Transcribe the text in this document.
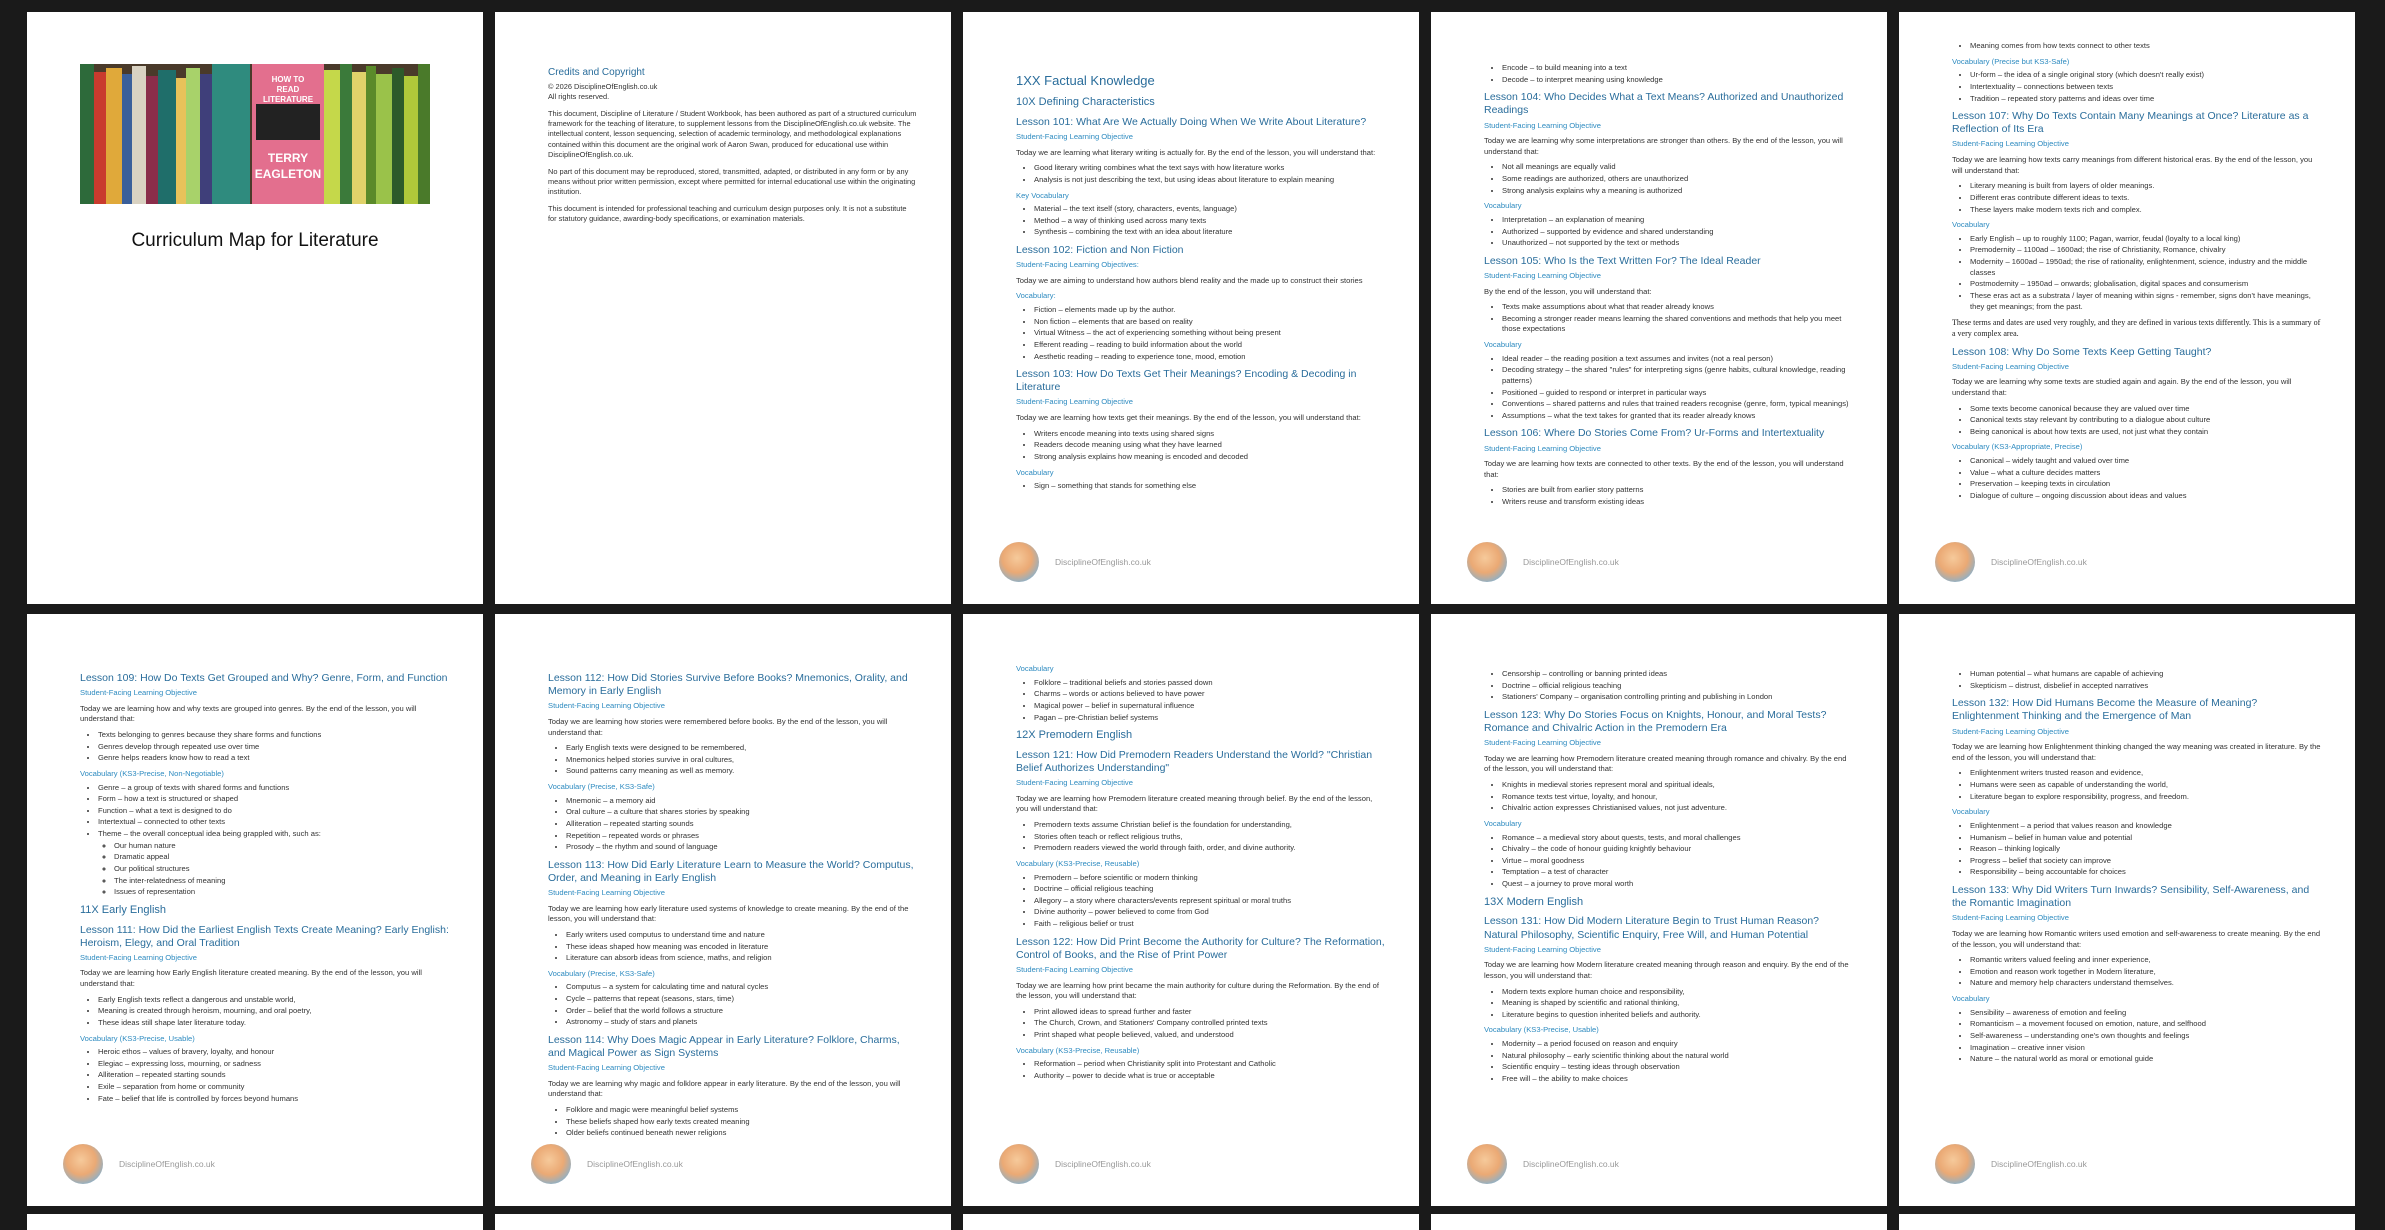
HOW TO
READ
LITERATURE
TERRY
EAGLETON
Curriculum Map for Literature
Credits and Copyright
© 2026 DisciplineOfEnglish.co.uk
All rights reserved.

This document, Discipline of Literature / Student Workbook, has been authored as part of a structured curriculum framework for the teaching of literature, to supplement lessons from the DisciplineOfEnglish.co.uk website. The intellectual content, lesson sequencing, selection of academic terminology, and methodological explanations contained within this document are the original work of Aaron Swan, produced for educational use within DisciplineOfEnglish.co.uk.

No part of this document may be reproduced, stored, transmitted, adapted, or distributed in any form or by any means without prior written permission, except where permitted for internal educational use within the originating institution.

This document is intended for professional teaching and curriculum design purposes only. It is not a substitute for statutory guidance, awarding-body specifications, or examination materials.

1XX Factual Knowledge
10X Defining Characteristics
Lesson 101: What Are We Actually Doing When We Write About Literature?
Student-Facing Learning Objective

Today we are learning what literary writing is actually for. By the end of the lesson, you will understand that:

• Good literary writing combines what the text says with how literature works
• Analysis is not just describing the text, but using ideas about literature to explain meaning
Key Vocabulary
• Material – the text itself (story, characters, events, language)
• Method – a way of thinking used across many texts
• Synthesis – combining the text with an idea about literature
Lesson 102: Fiction and Non Fiction
Student-Facing Learning Objectives:

Today we are aiming to understand how authors blend reality and the made up to construct their stories

Vocabulary:
• Fiction – elements made up by the author.
• Non fiction – elements that are based on reality
• Virtual Witness – the act of experiencing something without being present
• Efferent reading – reading to build information about the world
• Aesthetic reading – reading to experience tone, mood, emotion
Lesson 103: How Do Texts Get Their Meanings? Encoding & Decoding in Literature
Student-Facing Learning Objective

Today we are learning how texts get their meanings. By the end of the lesson, you will understand that:

• Writers encode meaning into texts using shared signs
• Readers decode meaning using what they have learned
• Strong analysis explains how meaning is encoded and decoded
Vocabulary
• Sign – something that stands for something else
DisciplineOfEnglish.co.uk
• Encode – to build meaning into a text
• Decode – to interpret meaning using knowledge
Lesson 104: Who Decides What a Text Means? Authorized and Unauthorized Readings
Student-Facing Learning Objective

Today we are learning why some interpretations are stronger than others. By the end of the lesson, you will understand that:

• Not all meanings are equally valid
• Some readings are authorized, others are unauthorized
• Strong analysis explains why a meaning is authorized
Vocabulary
• Interpretation – an explanation of meaning
• Authorized – supported by evidence and shared understanding
• Unauthorized – not supported by the text or methods
Lesson 105: Who Is the Text Written For? The Ideal Reader
Student-Facing Learning Objective

By the end of the lesson, you will understand that:

• Texts make assumptions about what that reader already knows
• Becoming a stronger reader means learning the shared conventions and methods that help you meet those expectations
Vocabulary
• Ideal reader – the reading position a text assumes and invites (not a real person)
• Decoding strategy – the shared "rules" for interpreting signs (genre habits, cultural knowledge, reading patterns)
• Positioned – guided to respond or interpret in particular ways
• Conventions – shared patterns and rules that trained readers recognise (genre, form, typical meanings)
• Assumptions – what the text takes for granted that its reader already knows
Lesson 106: Where Do Stories Come From? Ur-Forms and Intertextuality
Student-Facing Learning Objective

Today we are learning how texts are connected to other texts. By the end of the lesson, you will understand that:

• Stories are built from earlier story patterns
• Writers reuse and transform existing ideas
DisciplineOfEnglish.co.uk
• Meaning comes from how texts connect to other texts
Vocabulary (Precise but KS3-Safe)
• Ur-form – the idea of a single original story (which doesn't really exist)
• Intertextuality – connections between texts
• Tradition – repeated story patterns and ideas over time
Lesson 107: Why Do Texts Contain Many Meanings at Once? Literature as a Reflection of Its Era
Student-Facing Learning Objective

Today we are learning how texts carry meanings from different historical eras. By the end of the lesson, you will understand that:

• Literary meaning is built from layers of older meanings.
• Different eras contribute different ideas to texts.
• These layers make modern texts rich and complex.
Vocabulary
• Early English – up to roughly 1100; Pagan, warrior, feudal (loyalty to a local king)
• Premodernity – 1100ad – 1600ad; the rise of Christianity, Romance, chivalry
• Modernity – 1600ad – 1950ad; the rise of rationality, enlightenment, science, industry and the middle classes
• Postmodernity – 1950ad – onwards; globalisation, digital spaces and consumerism
• These eras act as a substrata / layer of meaning within signs - remember, signs don't have meanings, they get meanings; from the past.

These terms and dates are used very roughly, and they are defined in various texts differently. This is a summary of a very complex area.

Lesson 108: Why Do Some Texts Keep Getting Taught?
Student-Facing Learning Objective

Today we are learning why some texts are studied again and again. By the end of the lesson, you will understand that:

• Some texts become canonical because they are valued over time
• Canonical texts stay relevant by contributing to a dialogue about culture
• Being canonical is about how texts are used, not just what they contain
Vocabulary (KS3-Appropriate, Precise)
• Canonical – widely taught and valued over time
• Value – what a culture decides matters
• Preservation – keeping texts in circulation
• Dialogue of culture – ongoing discussion about ideas and values
DisciplineOfEnglish.co.uk
Lesson 109: How Do Texts Get Grouped and Why? Genre, Form, and Function
Student-Facing Learning Objective

Today we are learning how and why texts are grouped into genres. By the end of the lesson, you will understand that:

• Texts belonging to genres because they share forms and functions
• Genres develop through repeated use over time
• Genre helps readers know how to read a text
Vocabulary (KS3-Precise, Non-Negotiable)
• Genre – a group of texts with shared forms and functions
• Form – how a text is structured or shaped
• Function – what a text is designed to do
• Intertextual – connected to other texts
• Theme – the overall conceptual idea being grappled with, such as:
◦ Our human nature
◦ Dramatic appeal
◦ Our political structures
◦ The inter-relatedness of meaning
◦ Issues of representation
11X Early English
Lesson 111: How Did the Earliest English Texts Create Meaning? Early English: Heroism, Elegy, and Oral Tradition
Student-Facing Learning Objective

Today we are learning how Early English literature created meaning. By the end of the lesson, you will understand that:

• Early English texts reflect a dangerous and unstable world,
• Meaning is created through heroism, mourning, and oral poetry,
• These ideas still shape later literature today.
Vocabulary (KS3-Precise, Usable)
• Heroic ethos – values of bravery, loyalty, and honour
• Elegiac – expressing loss, mourning, or sadness
• Alliteration – repeated starting sounds
• Exile – separation from home or community
• Fate – belief that life is controlled by forces beyond humans
DisciplineOfEnglish.co.uk
Lesson 112: How Did Stories Survive Before Books? Mnemonics, Orality, and Memory in Early English
Student-Facing Learning Objective

Today we are learning how stories were remembered before books. By the end of the lesson, you will understand that:

• Early English texts were designed to be remembered,
• Mnemonics helped stories survive in oral cultures,
• Sound patterns carry meaning as well as memory.
Vocabulary (Precise, KS3-Safe)
• Mnemonic – a memory aid
• Oral culture – a culture that shares stories by speaking
• Alliteration – repeated starting sounds
• Repetition – repeated words or phrases
• Prosody – the rhythm and sound of language
Lesson 113: How Did Early Literature Learn to Measure the World? Computus, Order, and Meaning in Early English
Student-Facing Learning Objective

Today we are learning how early literature used systems of knowledge to create meaning. By the end of the lesson, you will understand that:

• Early writers used computus to understand time and nature
• These ideas shaped how meaning was encoded in literature
• Literature can absorb ideas from science, maths, and religion
Vocabulary (Precise, KS3-Safe)
• Computus – a system for calculating time and natural cycles
• Cycle – patterns that repeat (seasons, stars, time)
• Order – belief that the world follows a structure
• Astronomy – study of stars and planets
Lesson 114: Why Does Magic Appear in Early Literature? Folklore, Charms, and Magical Power as Sign Systems
Student-Facing Learning Objective

Today we are learning why magic and folklore appear in early literature. By the end of the lesson, you will understand that:

• Folklore and magic were meaningful belief systems
• These beliefs shaped how early texts created meaning
• Older beliefs continued beneath newer religions
DisciplineOfEnglish.co.uk
Vocabulary
• Folklore – traditional beliefs and stories passed down
• Charms – words or actions believed to have power
• Magical power – belief in supernatural influence
• Pagan – pre-Christian belief systems
12X Premodern English
Lesson 121: How Did Premodern Readers Understand the World? "Christian Belief Authorizes Understanding"
Student-Facing Learning Objective

Today we are learning how Premodern literature created meaning through belief. By the end of the lesson, you will understand that:

• Premodern texts assume Christian belief is the foundation for understanding,
• Stories often teach or reflect religious truths,
• Premodern readers viewed the world through faith, order, and divine authority.
Vocabulary (KS3-Precise, Reusable)
• Premodern – before scientific or modern thinking
• Doctrine – official religious teaching
• Allegory – a story where characters/events represent spiritual or moral truths
• Divine authority – power believed to come from God
• Faith – religious belief or trust
Lesson 122: How Did Print Become the Authority for Culture? The Reformation, Control of Books, and the Rise of Print Power
Student-Facing Learning Objective

Today we are learning how print became the main authority for culture during the Reformation. By the end of the lesson, you will understand that:

• Print allowed ideas to spread further and faster
• The Church, Crown, and Stationers' Company controlled printed texts
• Print shaped what people believed, valued, and understood
Vocabulary (KS3-Precise, Reusable)
• Reformation – period when Christianity split into Protestant and Catholic
• Authority – power to decide what is true or acceptable
DisciplineOfEnglish.co.uk
• Censorship – controlling or banning printed ideas
• Doctrine – official religious teaching
• Stationers' Company – organisation controlling printing and publishing in London
Lesson 123: Why Do Stories Focus on Knights, Honour, and Moral Tests? Romance and Chivalric Action in the Premodern Era
Student-Facing Learning Objective

Today we are learning how Premodern literature created meaning through romance and chivalry. By the end of the lesson, you will understand that:

• Knights in medieval stories represent moral and spiritual ideals,
• Romance texts test virtue, loyalty, and honour,
• Chivalric action expresses Christianised values, not just adventure.
Vocabulary
• Romance – a medieval story about quests, tests, and moral challenges
• Chivalry – the code of honour guiding knightly behaviour
• Virtue – moral goodness
• Temptation – a test of character
• Quest – a journey to prove moral worth
13X Modern English
Lesson 131: How Did Modern Literature Begin to Trust Human Reason? Natural Philosophy, Scientific Enquiry, Free Will, and Human Potential
Student-Facing Learning Objective

Today we are learning how Modern literature created meaning through reason and enquiry. By the end of the lesson, you will understand that:

• Modern texts explore human choice and responsibility,
• Meaning is shaped by scientific and rational thinking,
• Literature begins to question inherited beliefs and authority.
Vocabulary (KS3-Precise, Usable)
• Modernity – a period focused on reason and enquiry
• Natural philosophy – early scientific thinking about the natural world
• Scientific enquiry – testing ideas through observation
• Free will – the ability to make choices
DisciplineOfEnglish.co.uk
• Human potential – what humans are capable of achieving
• Skepticism – distrust, disbelief in accepted narratives
Lesson 132: How Did Humans Become the Measure of Meaning? Enlightenment Thinking and the Emergence of Man
Student-Facing Learning Objective

Today we are learning how Enlightenment thinking changed the way meaning was created in literature. By the end of the lesson, you will understand that:

• Enlightenment writers trusted reason and evidence,
• Humans were seen as capable of understanding the world,
• Literature began to explore responsibility, progress, and freedom.
Vocabulary
• Enlightenment – a period that values reason and knowledge
• Humanism – belief in human value and potential
• Reason – thinking logically
• Progress – belief that society can improve
• Responsibility – being accountable for choices
Lesson 133: Why Did Writers Turn Inwards? Sensibility, Self-Awareness, and the Romantic Imagination
Student-Facing Learning Objective

Today we are learning how Romantic writers used emotion and self-awareness to create meaning. By the end of the lesson, you will understand that:

• Romantic writers valued feeling and inner experience,
• Emotion and reason work together in Modern literature,
• Nature and memory help characters understand themselves.
Vocabulary
• Sensibility – awareness of emotion and feeling
• Romanticism – a movement focused on emotion, nature, and selfhood
• Self-awareness – understanding one's own thoughts and feelings
• Imagination – creative inner vision
• Nature – the natural world as moral or emotional guide
DisciplineOfEnglish.co.uk
